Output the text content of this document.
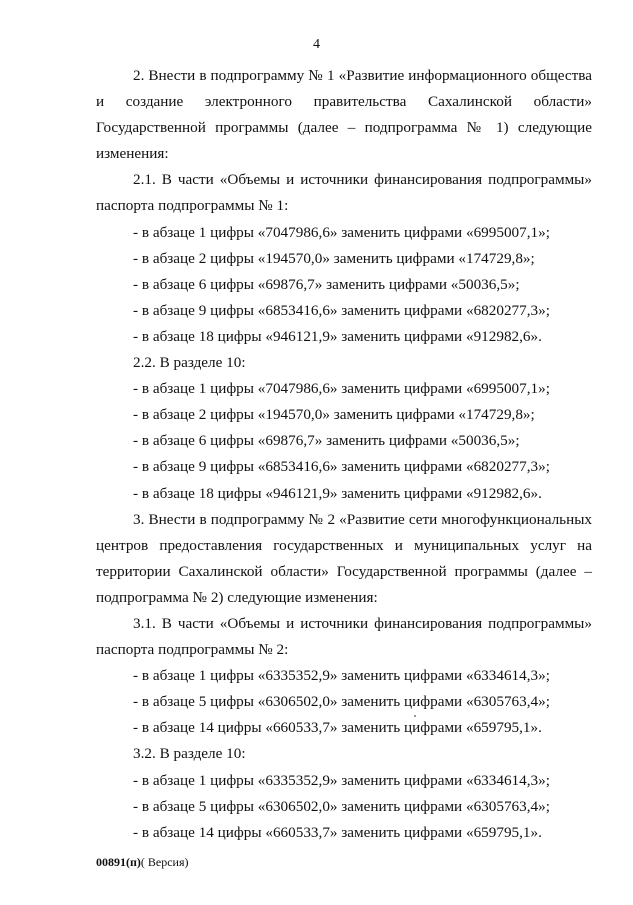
4

2. Внести в подпрограмму № 1 «Развитие информационного общества и создание электронного правительства Сахалинской области» Государственной программы (далее – подпрограмма № 1) следующие изменения:

2.1. В части «Объемы и источники финансирования подпрограммы» паспорта подпрограммы № 1:

- в абзаце 1 цифры «7047986,6» заменить цифрами «6995007,1»;

- в абзаце 2 цифры «194570,0» заменить цифрами «174729,8»;

- в абзаце 6 цифры «69876,7» заменить цифрами «50036,5»;

- в абзаце 9 цифры «6853416,6» заменить цифрами «6820277,3»;

- в абзаце 18 цифры «946121,9» заменить цифрами «912982,6».

2.2. В разделе 10:

- в абзаце 1 цифры «7047986,6» заменить цифрами «6995007,1»;

- в абзаце 2 цифры «194570,0» заменить цифрами «174729,8»;

- в абзаце 6 цифры «69876,7» заменить цифрами «50036,5»;

- в абзаце 9 цифры «6853416,6» заменить цифрами «6820277,3»;

- в абзаце 18 цифры «946121,9» заменить цифрами «912982,6».

3. Внести в подпрограмму № 2 «Развитие сети многофункциональных центров предоставления государственных и муниципальных услуг на территории Сахалинской области» Государственной программы (далее – подпрограмма № 2) следующие изменения:

3.1. В части «Объемы и источники финансирования подпрограммы» паспорта подпрограммы № 2:

- в абзаце 1 цифры «6335352,9» заменить цифрами «6334614,3»;

- в абзаце 5 цифры «6306502,0» заменить цифрами «6305763,4»;

- в абзаце 14 цифры «660533,7» заменить цифрами «659795,1».

3.2. В разделе 10:

- в абзаце 1 цифры «6335352,9» заменить цифрами «6334614,3»;

- в абзаце 5 цифры «6306502,0» заменить цифрами «6305763,4»;

- в абзаце 14 цифры «660533,7» заменить цифрами «659795,1».

00891(п)( Версия)
